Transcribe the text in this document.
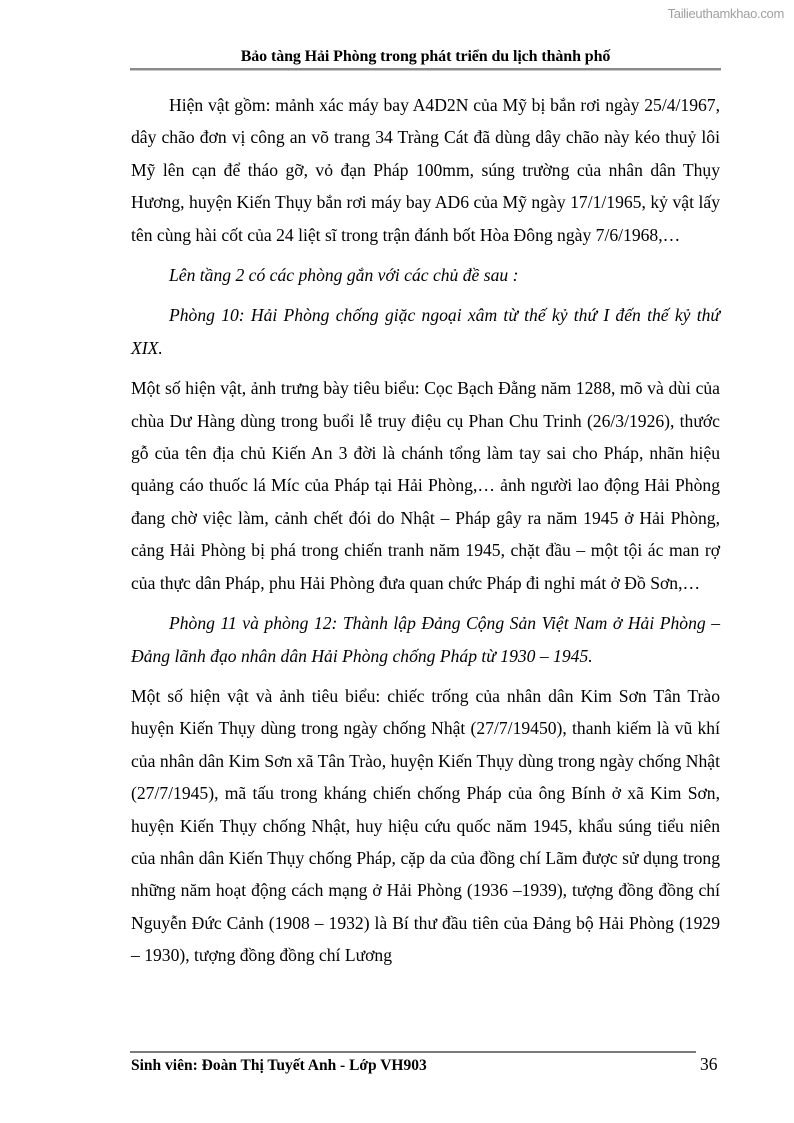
Tailieuthamkhao.com
Bảo tàng Hải Phòng trong phát triển du lịch thành phố

Hiện vật gồm: mảnh xác máy bay A4D2N của Mỹ bị bắn rơi ngày 25/4/1967, dây chão đơn vị công an võ trang 34 Tràng Cát đã dùng dây chão này kéo thuỷ lôi Mỹ lên cạn để tháo gỡ, vỏ đạn Pháp 100mm, súng trường của nhân dân Thụy Hương, huyện Kiến Thụy bắn rơi máy bay AD6 của Mỹ ngày 17/1/1965, kỷ vật lấy tên cùng hài cốt của 24 liệt sĩ trong trận đánh bốt Hòa Đông ngày 7/6/1968,…

Lên tầng 2 có các phòng gắn với các chủ đề sau :

Phòng 10: Hải Phòng chống giặc ngoại xâm từ thế kỷ thứ I đến thế kỷ thứ XIX.

Một số hiện vật, ảnh trưng bày tiêu biểu: Cọc Bạch Đằng năm 1288, mõ và dùi của chùa Dư Hàng dùng trong buổi lễ truy điệu cụ Phan Chu Trinh (26/3/1926), thước gỗ của tên địa chủ Kiến An 3 đời là chánh tổng làm tay sai cho Pháp, nhãn hiệu quảng cáo thuốc lá Míc của Pháp tại Hải Phòng,… ảnh người lao động Hải Phòng đang chờ việc làm, cảnh chết đói do Nhật – Pháp gây ra năm 1945 ở Hải Phòng, cảng Hải Phòng bị phá trong chiến tranh năm 1945, chặt đầu – một tội ác man rợ của thực dân Pháp, phu Hải Phòng đưa quan chức Pháp đi nghỉ mát ở Đồ Sơn,…

Phòng 11 và phòng 12: Thành lập Đảng Cộng Sản Việt Nam ở Hải Phòng – Đảng lãnh đạo nhân dân Hải Phòng chống Pháp từ 1930 – 1945.

Một số hiện vật và ảnh tiêu biểu: chiếc trống của nhân dân Kim Sơn Tân Trào huyện Kiến Thụy dùng trong ngày chống Nhật (27/7/19450), thanh kiếm là vũ khí của nhân dân Kim Sơn xã Tân Trào, huyện Kiến Thụy dùng trong ngày chống Nhật (27/7/1945), mã tấu trong kháng chiến chống Pháp của ông Bính ở xã Kim Sơn, huyện Kiến Thụy chống Nhật, huy hiệu cứu quốc năm 1945, khẩu súng tiểu niên của nhân dân Kiến Thụy chống Pháp, cặp da của đồng chí Lãm được sử dụng trong những năm hoạt động cách mạng ở Hải Phòng (1936 –1939), tượng đồng đồng chí Nguyễn Đức Cảnh (1908 – 1932) là Bí thư đầu tiên của Đảng bộ Hải Phòng (1929 – 1930), tượng đồng đồng chí Lương

Sinh viên: Đoàn Thị Tuyết Anh - Lớp VH903	36
